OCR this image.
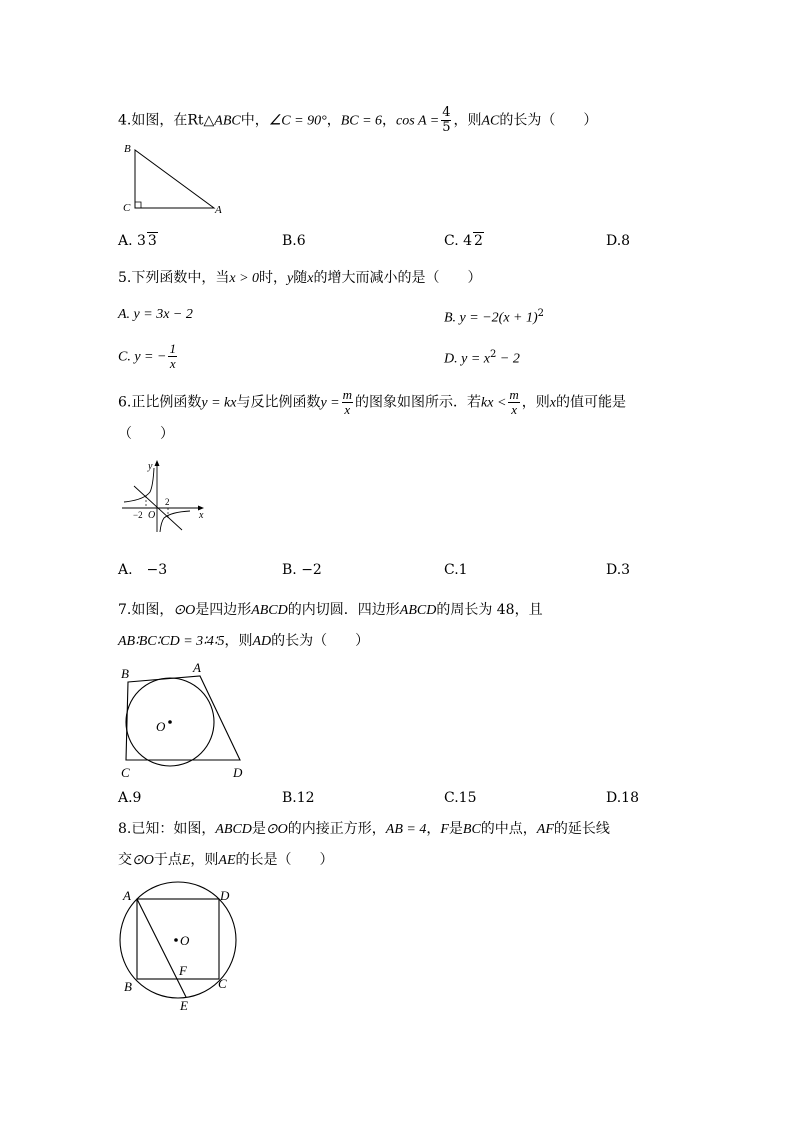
4.如图，在Rt△ABC中，∠C = 90°，BC = 6，$\cos A = \frac{4}{5}$ ，则AC的长为（　　）
B
C	A
A. 3 3	B.6	C. 4 2	D.8
5.下列函数中，当x > 0时，y随x的增大而减小的是（　　）
A. y = 3x − 2	B. $y = -2(x + 1)^2$
C. y = − $\frac{1}{x}$	D. $y = x^2 - 2$
6.正比例函数y = kx与反比例函数$y = \frac{m}{x}$ 的图象如图所示．若kx < $\frac{m}{x}$ ，则x的值可能是
（　　）
y
x
O
−2
2
A.　−3	B. −2	C.1	D.3
7.如图，⊙O是四边形ABCD的内切圆．四边形ABCD的周长为 48，且
AB∶BC∶CD = 3∶4∶5，则AD的长为（　　）
B	A
C	D
O
A.9	B.12	C.15	D.18
8.已知：如图，ABCD是⊙O的内接正方形，AB = 4，F是BC的中点，AF的延长线
交⊙O于点E，则AE的长是（　　）
A	D
B	C
F
E
O
